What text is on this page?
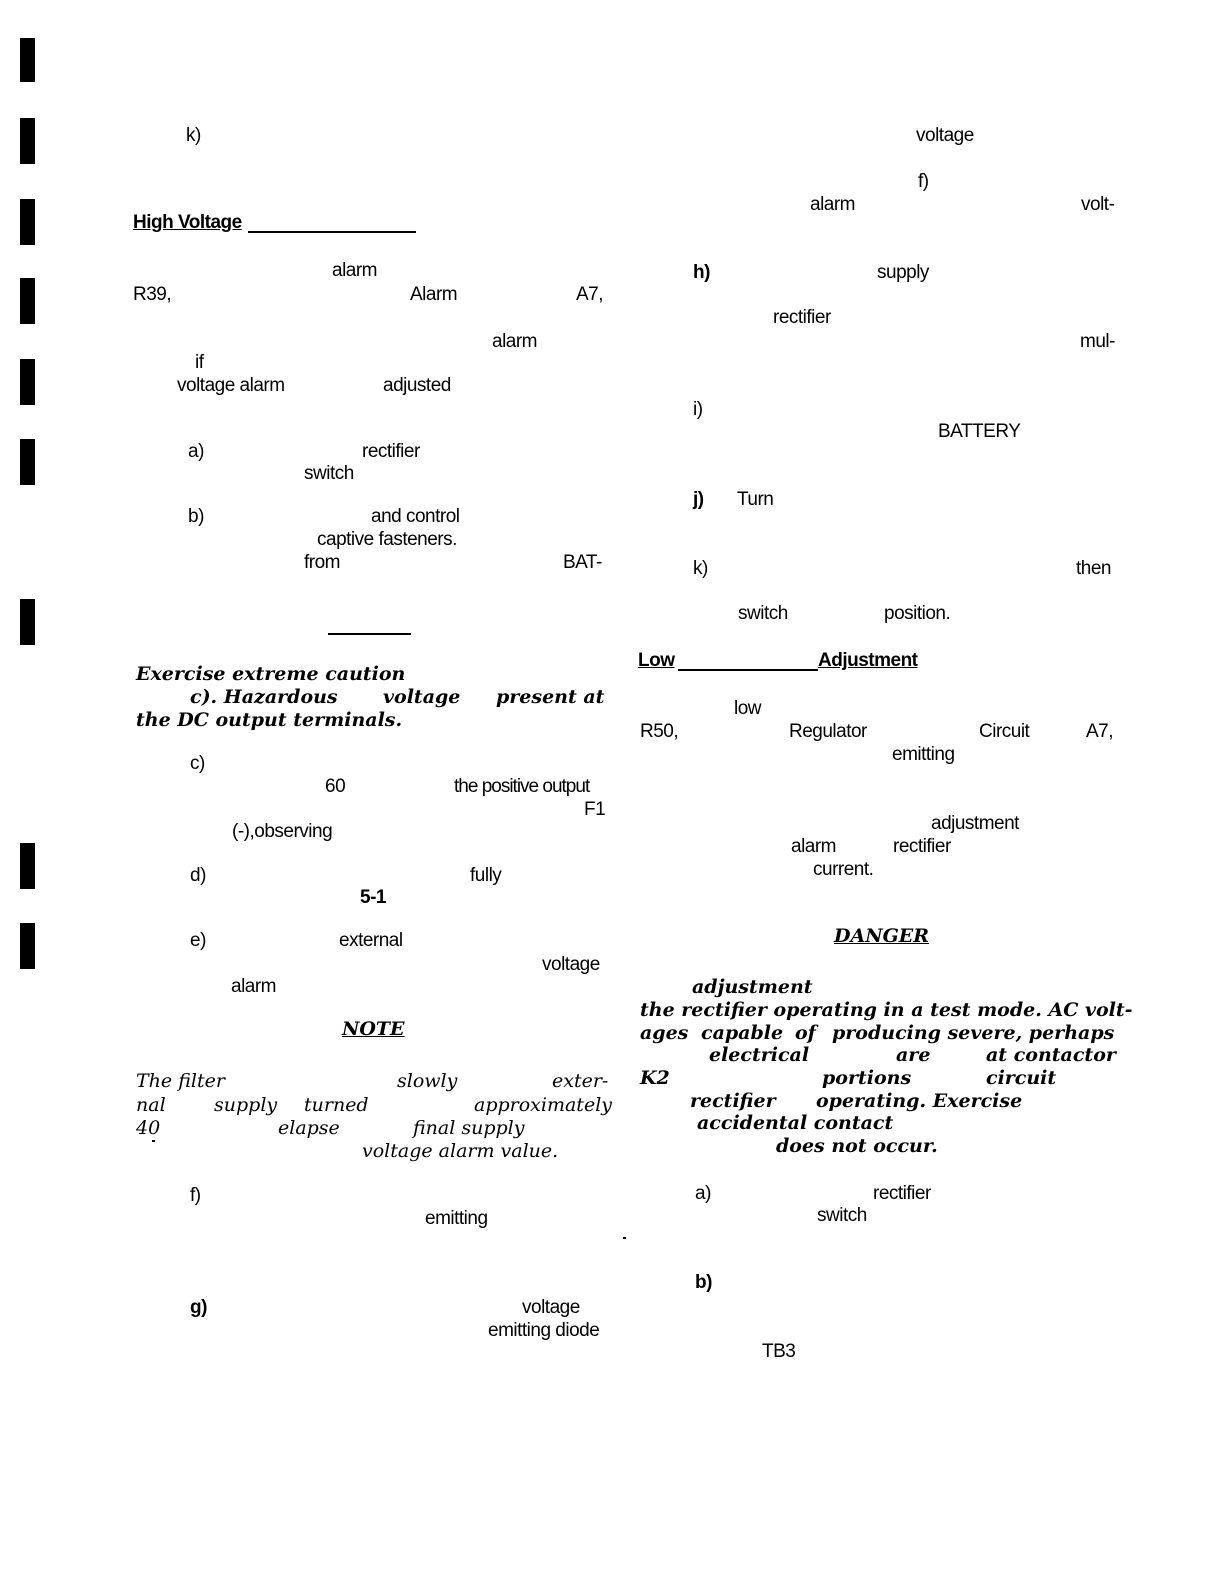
k)
High Voltage
alarm
R39,	Alarm	A7,
alarm
if
voltage alarm	adjusted
a)	rectifier
switch
b)	and control
captive fasteners.
from	BAT-
Exercise extreme caution
c). Hazardous voltage present at
the DC output terminals.
c)
60	the positive output
F1
(-),observing
d)	fully
5-1
e)	external
voltage
alarm
NOTE
The filter	slowly	exter-
nal	supply turned	approximately
40	elapse	final supply
voltage alarm value.
f)
emitting
g)	voltage
emitting diode
voltage
f)
alarm	volt-
h)	supply
rectifier
mul-
i)
BATTERY
j) Turn
k)	then
switch	position.
Low	Adjustment
low
R50,	Regulator	Circuit	A7,
emitting
adjustment
alarm	rectifier
current.
DANGER
adjustment
the rectifier operating in a test mode. AC volt-
ages capable of producing severe, perhaps
electrical	are	at contactor
K2	portions	circuit
rectifier operating. Exercise
accidental contact
does not occur.
a)	rectifier
switch
b)
TB3
